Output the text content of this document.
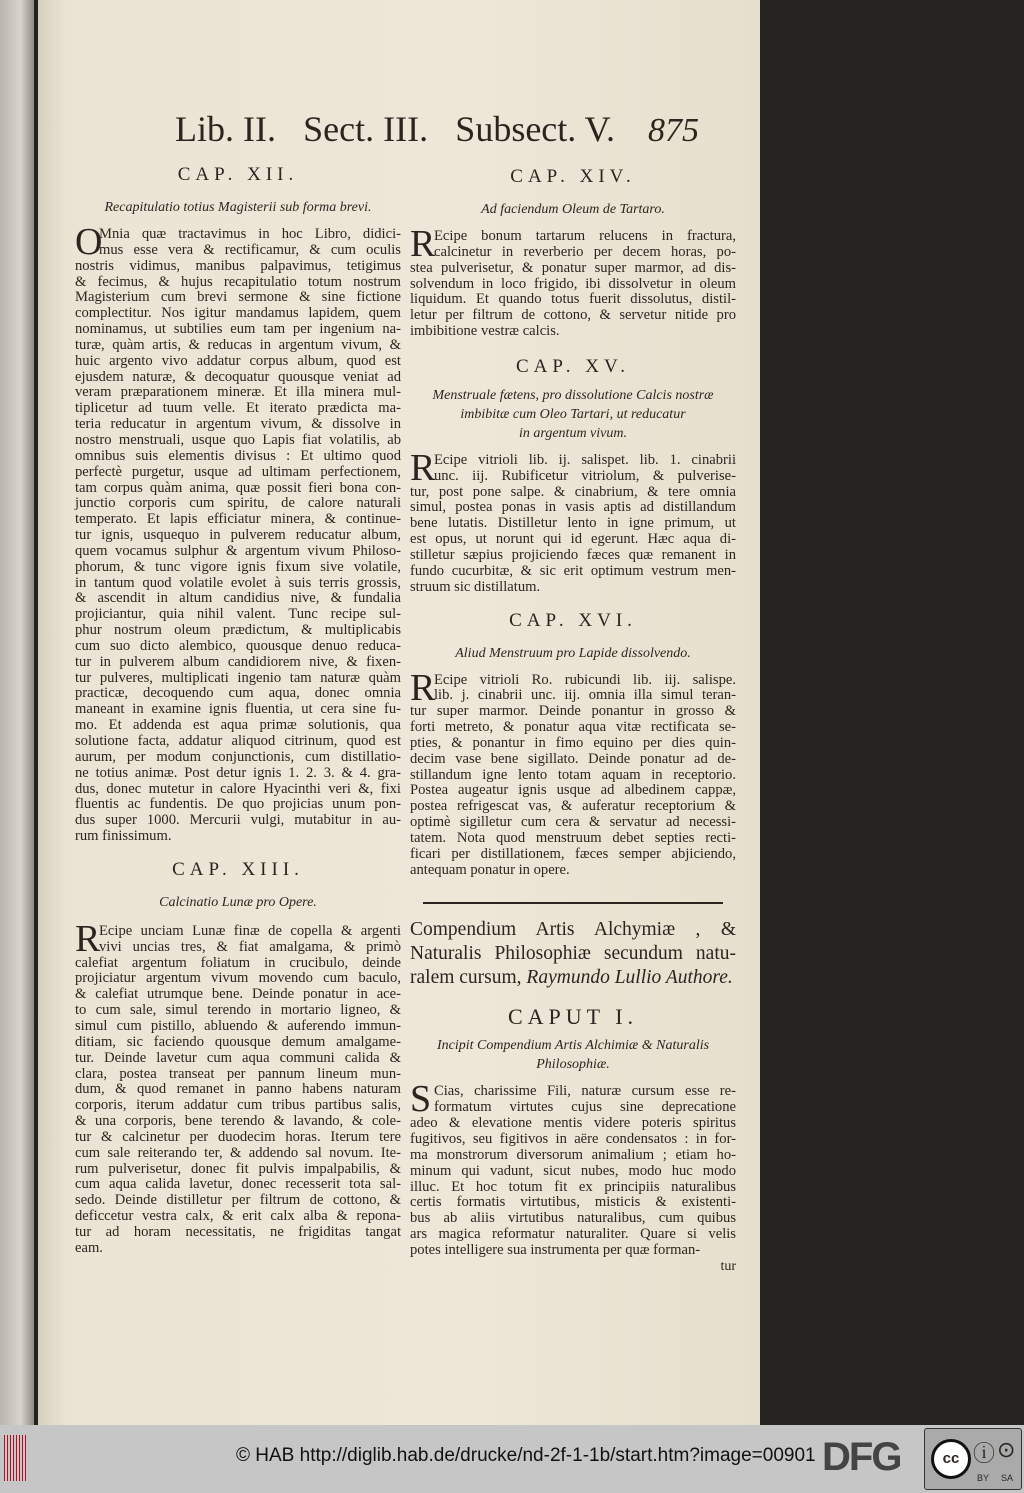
Lib. II. Sect. III. Subsect. V. 875
CAP. XII.
Recapitulatio totius Magisterii sub forma brevi.
O
Mnia quæ tractavimus in hoc Libro, didici-
mus esse vera & rectificamur, & cum oculis
nostris vidimus, manibus palpavimus, tetigimus
& fecimus, & hujus recapitulatio totum nostrum
Magisterium cum brevi sermone & sine fictione
complectitur. Nos igitur mandamus lapidem, quem
nominamus, ut subtilies eum tam per ingenium na-
turæ, quàm artis, & reducas in argentum vivum, &
huic argento vivo addatur corpus album, quod est
ejusdem naturæ, & decoquatur quousque veniat ad
veram præparationem mineræ. Et illa minera mul-
tiplicetur ad tuum velle. Et iterato prædicta ma-
teria reducatur in argentum vivum, & dissolve in
nostro menstruali, usque quo Lapis fiat volatilis, ab
omnibus suis elementis divisus : Et ultimo quod
perfectè purgetur, usque ad ultimam perfectionem,
tam corpus quàm anima, quæ possit fieri bona con-
junctio corporis cum spiritu, de calore naturali
temperato. Et lapis efficiatur minera, & continue-
tur ignis, usquequo in pulverem reducatur album,
quem vocamus sulphur & argentum vivum Philoso-
phorum, & tunc vigore ignis fixum sive volatile,
in tantum quod volatile evolet à suis terris grossis,
& ascendit in altum candidius nive, & fundalia
projiciantur, quia nihil valent. Tunc recipe sul-
phur nostrum oleum prædictum, & multiplicabis
cum suo dicto alembico, quousque denuo reduca-
tur in pulverem album candidiorem nive, & fixen-
tur pulveres, multiplicati ingenio tam naturæ quàm
practicæ, decoquendo cum aqua, donec omnia
maneant in examine ignis fluentia, ut cera sine fu-
mo. Et addenda est aqua primæ solutionis, qua
solutione facta, addatur aliquod citrinum, quod est
aurum, per modum conjunctionis, cum distillatio-
ne totius animæ. Post detur ignis 1. 2. 3. & 4. gra-
dus, donec mutetur in calore Hyacinthi veri &, fixi
fluentis ac fundentis. De quo projicias unum pon-
dus super 1000. Mercurii vulgi, mutabitur in au-
rum finissimum.
CAP. XIII.
Calcinatio Lunæ pro Opere.
R
Ecipe unciam Lunæ finæ de copella & argenti
vivi uncias tres, & fiat amalgama, & primò
calefiat argentum foliatum in crucibulo, deinde
projiciatur argentum vivum movendo cum baculo,
& calefiat utrumque bene. Deinde ponatur in ace-
to cum sale, simul terendo in mortario ligneo, &
simul cum pistillo, abluendo & auferendo immun-
ditiam, sic faciendo quousque demum amalgame-
tur. Deinde lavetur cum aqua communi calida &
clara, postea transeat per pannum lineum mun-
dum, & quod remanet in panno habens naturam
corporis, iterum addatur cum tribus partibus salis,
& una corporis, bene terendo & lavando, & cole-
tur & calcinetur per duodecim horas. Iterum tere
cum sale reiterando ter, & addendo sal novum. Ite-
rum pulverisetur, donec fit pulvis impalpabilis, &
cum aqua calida lavetur, donec recesserit tota sal-
sedo. Deinde distilletur per filtrum de cottono, &
deficcetur vestra calx, & erit calx alba & repona-
tur ad horam necessitatis, ne frigiditas tangat
eam.
CAP. XIV.
Ad faciendum Oleum de Tartaro.
R
Ecipe bonum tartarum relucens in fractura,
calcinetur in reverberio per decem horas, po-
stea pulverisetur, & ponatur super marmor, ad dis-
solvendum in loco frigido, ibi dissolvetur in oleum
liquidum. Et quando totus fuerit dissolutus, distil-
letur per filtrum de cottono, & servetur nitide pro
imbibitione vestræ calcis.
CAP. XV.
Menstruale fætens, pro dissolutione Calcis nostræ
imbibitæ cum Oleo Tartari, ut reducatur
in argentum vivum.
R
Ecipe vitrioli lib. ij. salispet. lib. 1. cinabrii
unc. iij. Rubificetur vitriolum, & pulverise-
tur, post pone salpe. & cinabrium, & tere omnia
simul, postea ponas in vasis aptis ad distillandum
bene lutatis. Distilletur lento in igne primum, ut
est opus, ut norunt qui id egerunt. Hæc aqua di-
stilletur sæpius projiciendo fæces quæ remanent in
fundo cucurbitæ, & sic erit optimum vestrum men-
struum sic distillatum.
CAP. XVI.
Aliud Menstruum pro Lapide dissolvendo.
R
Ecipe vitrioli Ro. rubicundi lib. iij. salispe.
lib. j. cinabrii unc. iij. omnia illa simul teran-
tur super marmor. Deinde ponantur in grosso &
forti metreto, & ponatur aqua vitæ rectificata se-
pties, & ponantur in fimo equino per dies quin-
decim vase bene sigillato. Deinde ponatur ad de-
stillandum igne lento totam aquam in receptorio.
Postea augeatur ignis usque ad albedinem cappæ,
postea refrigescat vas, & auferatur receptorium &
optimè sigilletur cum cera & servatur ad necessi-
tatem. Nota quod menstruum debet septies recti-
ficari per distillationem, fæces semper abjiciendo,
antequam ponatur in opere.
Compendium Artis Alchymiæ , &
Naturalis Philosophiæ secundum natu-
ralem cursum, Raymundo Lullio Authore.
CAPUT I.
Incipit Compendium Artis Alchimiæ & Naturalis
Philosophiæ.
S Cias, charissime Fili, naturæ cursum esse re-
formatum virtutes cujus sine deprecatione
adeo & elevatione mentis videre poteris spiritus
fugitivos, seu figitivos in aëre condensatos : in for-
ma monstrorum diversorum animalium ; etiam ho-
minum qui vadunt, sicut nubes, modo huc modo
illuc. Et hoc totum fit ex principiis naturalibus
certis formatis virtutibus, misticis & existenti-
bus ab aliis virtutibus naturalibus, cum quibus
ars magica reformatur naturaliter. Quare si velis
potes intelligere sua instrumenta per quæ forman-
tur
© HAB http://diglib.hab.de/drucke/nd-2f-1-1b/start.htm?image=00901 DFG	cc ⓘ ⊙
BY SA
